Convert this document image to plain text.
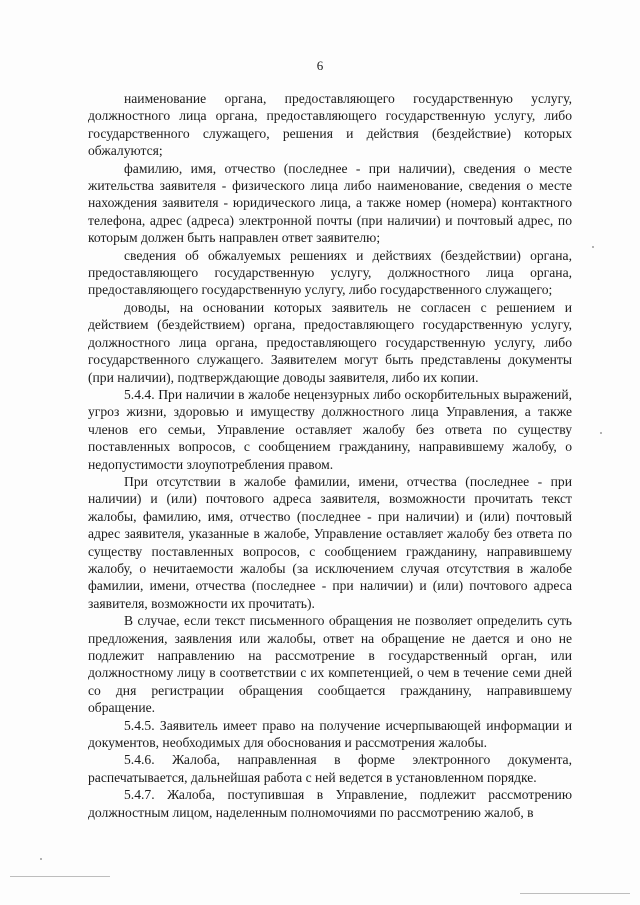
6

наименование органа, предоставляющего государственную услугу, должностного лица органа, предоставляющего государственную услугу, либо государственного служащего, решения и действия (бездействие) которых обжалуются;

фамилию, имя, отчество (последнее - при наличии), сведения о месте жительства заявителя - физического лица либо наименование, сведения о месте нахождения заявителя - юридического лица, а также номер (номера) контактного телефона, адрес (адреса) электронной почты (при наличии) и почтовый адрес, по которым должен быть направлен ответ заявителю;

сведения об обжалуемых решениях и действиях (бездействии) органа, предоставляющего государственную услугу, должностного лица органа, предоставляющего государственную услугу, либо государственного служащего;

доводы, на основании которых заявитель не согласен с решением и действием (бездействием) органа, предоставляющего государственную услугу, должностного лица органа, предоставляющего государственную услугу, либо государственного служащего. Заявителем могут быть представлены документы (при наличии), подтверждающие доводы заявителя, либо их копии.

5.4.4. При наличии в жалобе нецензурных либо оскорбительных выражений, угроз жизни, здоровью и имуществу должностного лица Управления, а также членов его семьи, Управление оставляет жалобу без ответа по существу поставленных вопросов, с сообщением гражданину, направившему жалобу, о недопустимости злоупотребления правом.

При отсутствии в жалобе фамилии, имени, отчества (последнее - при наличии) и (или) почтового адреса заявителя, возможности прочитать текст жалобы, фамилию, имя, отчество (последнее - при наличии) и (или) почтовый адрес заявителя, указанные в жалобе, Управление оставляет жалобу без ответа по существу поставленных вопросов, с сообщением гражданину, направившему жалобу, о нечитаемости жалобы (за исключением случая отсутствия в жалобе фамилии, имени, отчества (последнее - при наличии) и (или) почтового адреса заявителя, возможности их прочитать).

В случае, если текст письменного обращения не позволяет определить суть предложения, заявления или жалобы, ответ на обращение не дается и оно не подлежит направлению на рассмотрение в государственный орган, или должностному лицу в соответствии с их компетенцией, о чем в течение семи дней со дня регистрации обращения сообщается гражданину, направившему обращение.

5.4.5. Заявитель имеет право на получение исчерпывающей информации и документов, необходимых для обоснования и рассмотрения жалобы.

5.4.6. Жалоба, направленная в форме электронного документа, распечатывается, дальнейшая работа с ней ведется в установленном порядке.

5.4.7. Жалоба, поступившая в Управление, подлежит рассмотрению должностным лицом, наделенным полномочиями по рассмотрению жалоб, в
